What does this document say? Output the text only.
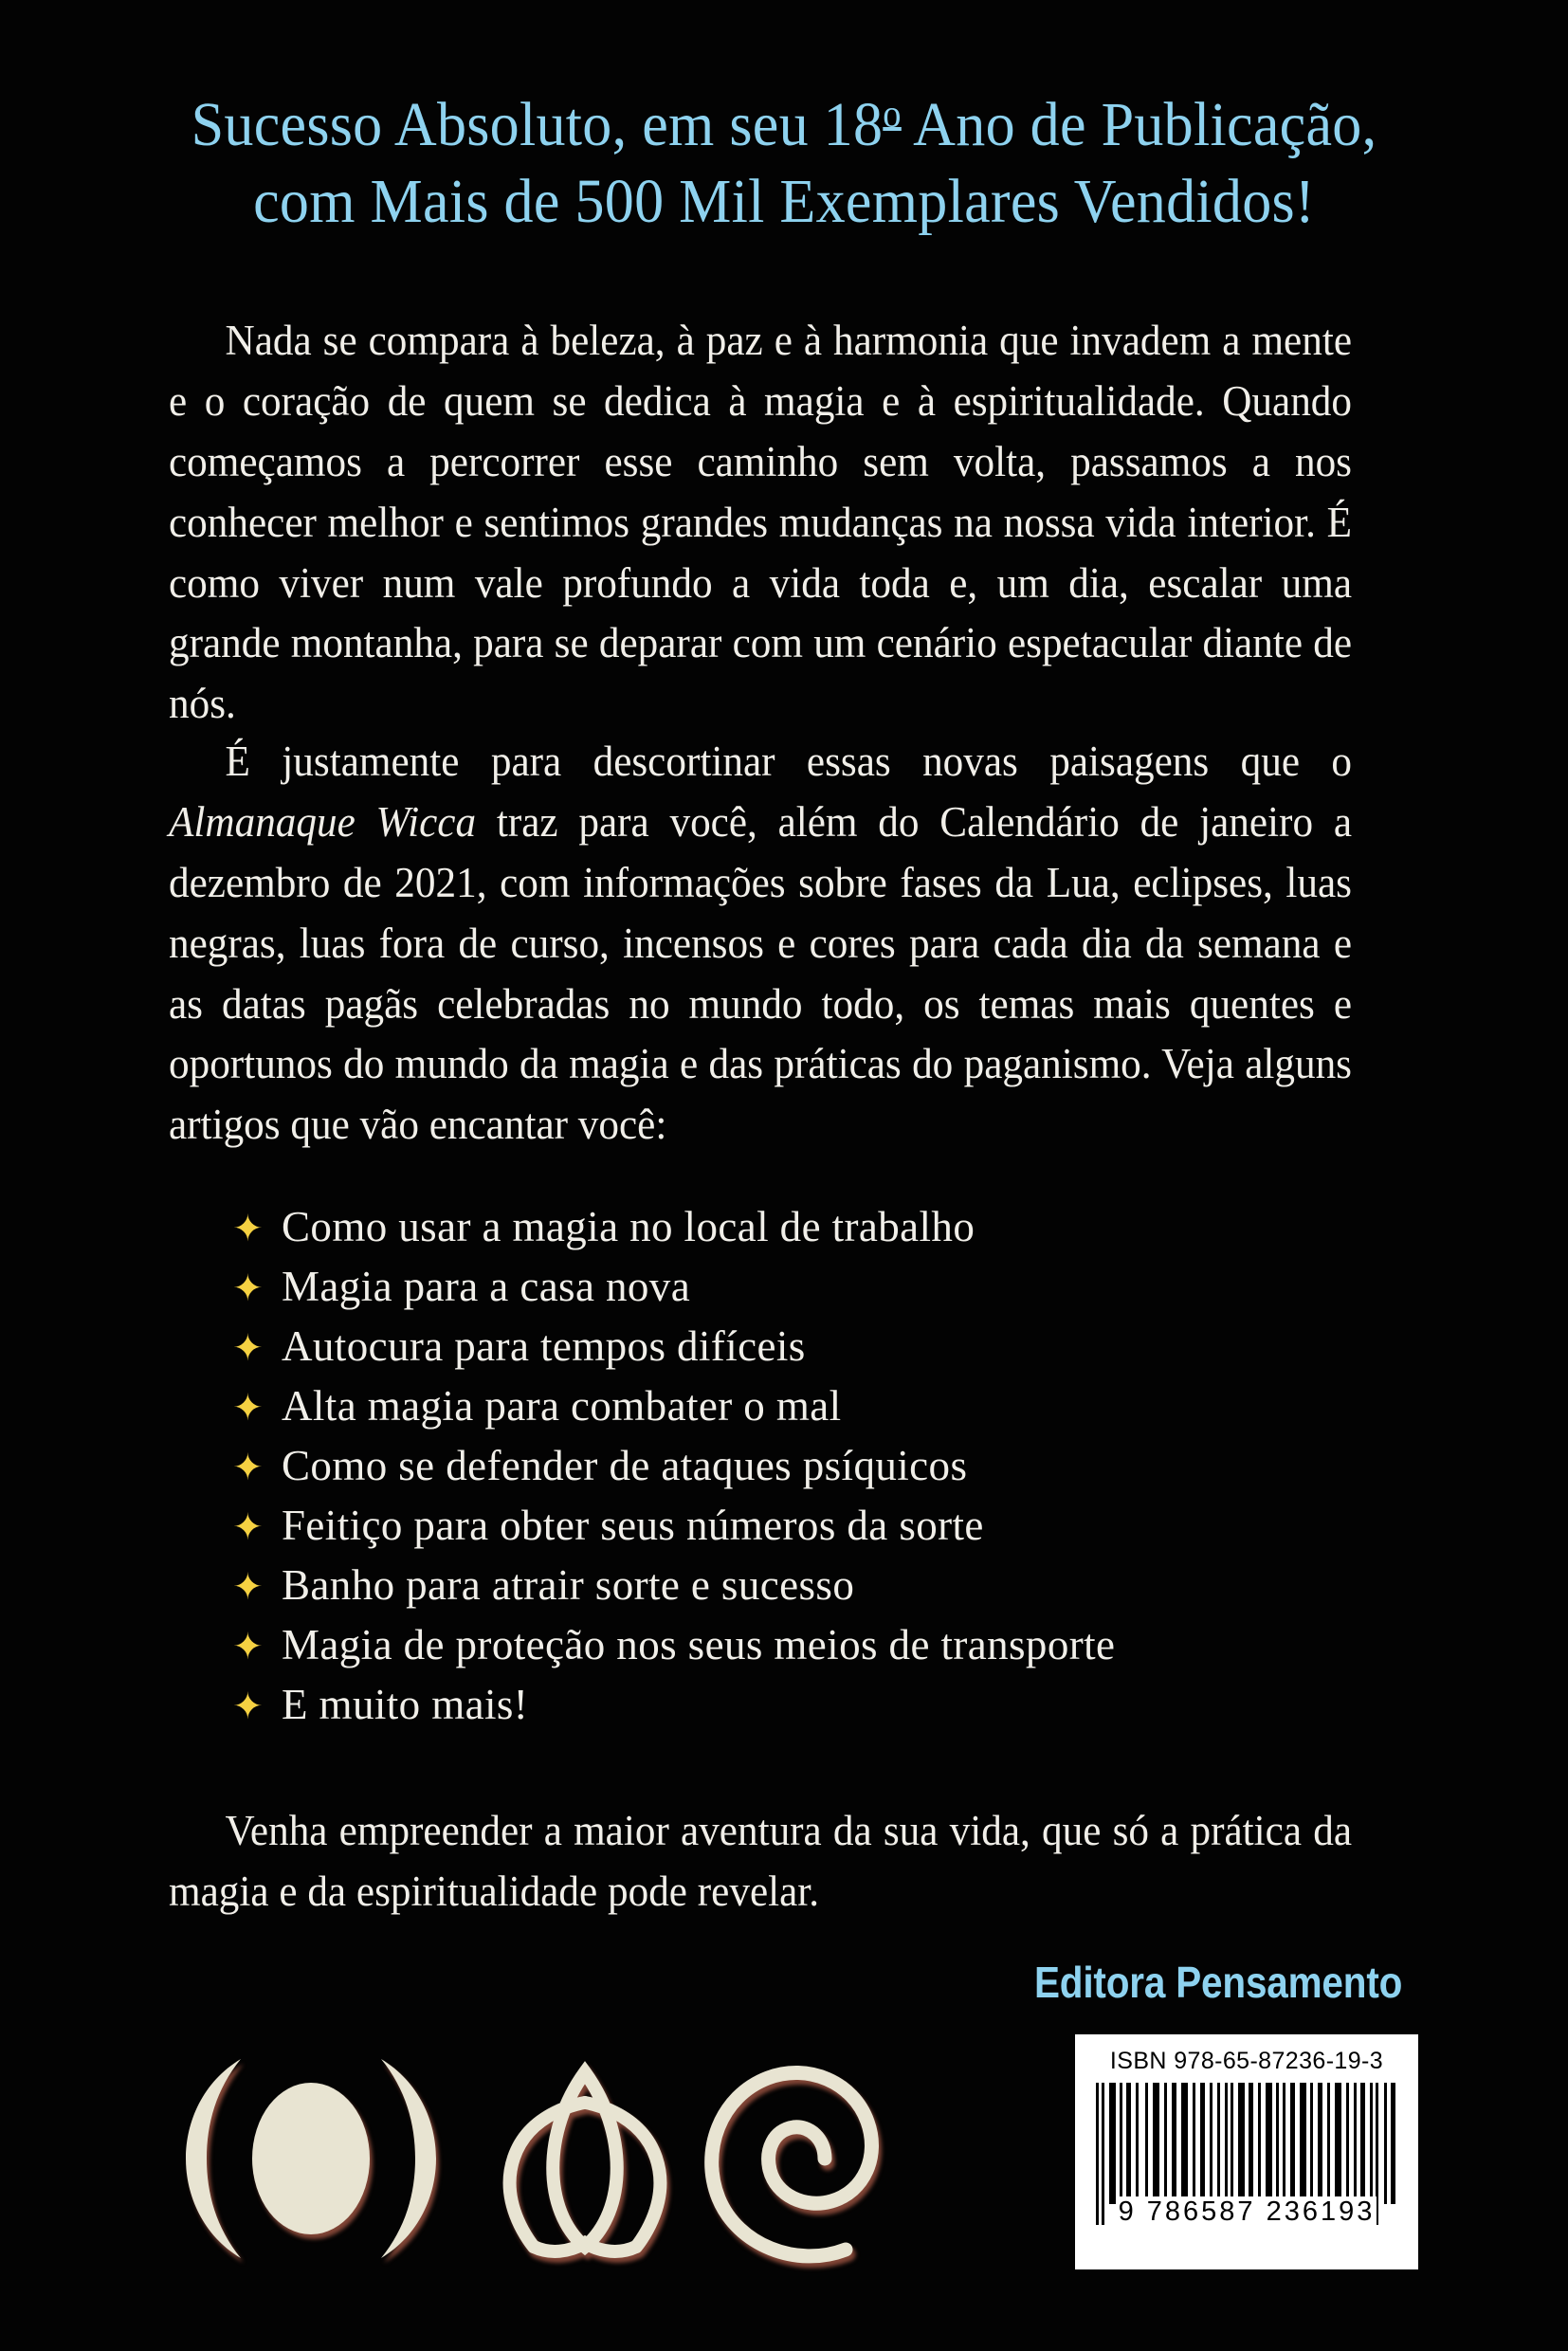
Sucesso Absoluto, em seu 18$^o$ Ano de Publicação,
com Mais de 500 Mil Exemplares Vendidos!

Nada se compara à beleza, à paz e à harmonia que invadem a mente e o coração de quem se dedica à magia e à espiritualidade. Quando começamos a percorrer esse caminho sem volta, passamos a nos conhecer melhor e sentimos grandes mudanças na nossa vida interior. É como viver num vale profundo a vida toda e, um dia, escalar uma grande montanha, para se deparar com um cenário espetacular diante de nós.

É justamente para descortinar essas novas paisagens que o Almanaque Wicca traz para você, além do Calendário de janeiro a dezembro de 2021, com informações sobre fases da Lua, eclipses, luas negras, luas fora de curso, incensos e cores para cada dia da semana e as datas pagãs celebradas no mundo todo, os temas mais quentes e oportunos do mundo da magia e das práticas do paganismo. Veja alguns artigos que vão encantar você:

✦ Como usar a magia no local de trabalho
✦ Magia para a casa nova
✦ Autocura para tempos difíceis
✦ Alta magia para combater o mal
✦ Como se defender de ataques psíquicos
✦ Feitiço para obter seus números da sorte
✦ Banho para atrair sorte e sucesso
✦ Magia de proteção nos seus meios de transporte
✦ E muito mais!

Venha empreender a maior aventura da sua vida, que só a prática da magia e da espiritualidade pode revelar.

Editora Pensamento
ISBN 978-65-87236-19-3
9 786587 236193
